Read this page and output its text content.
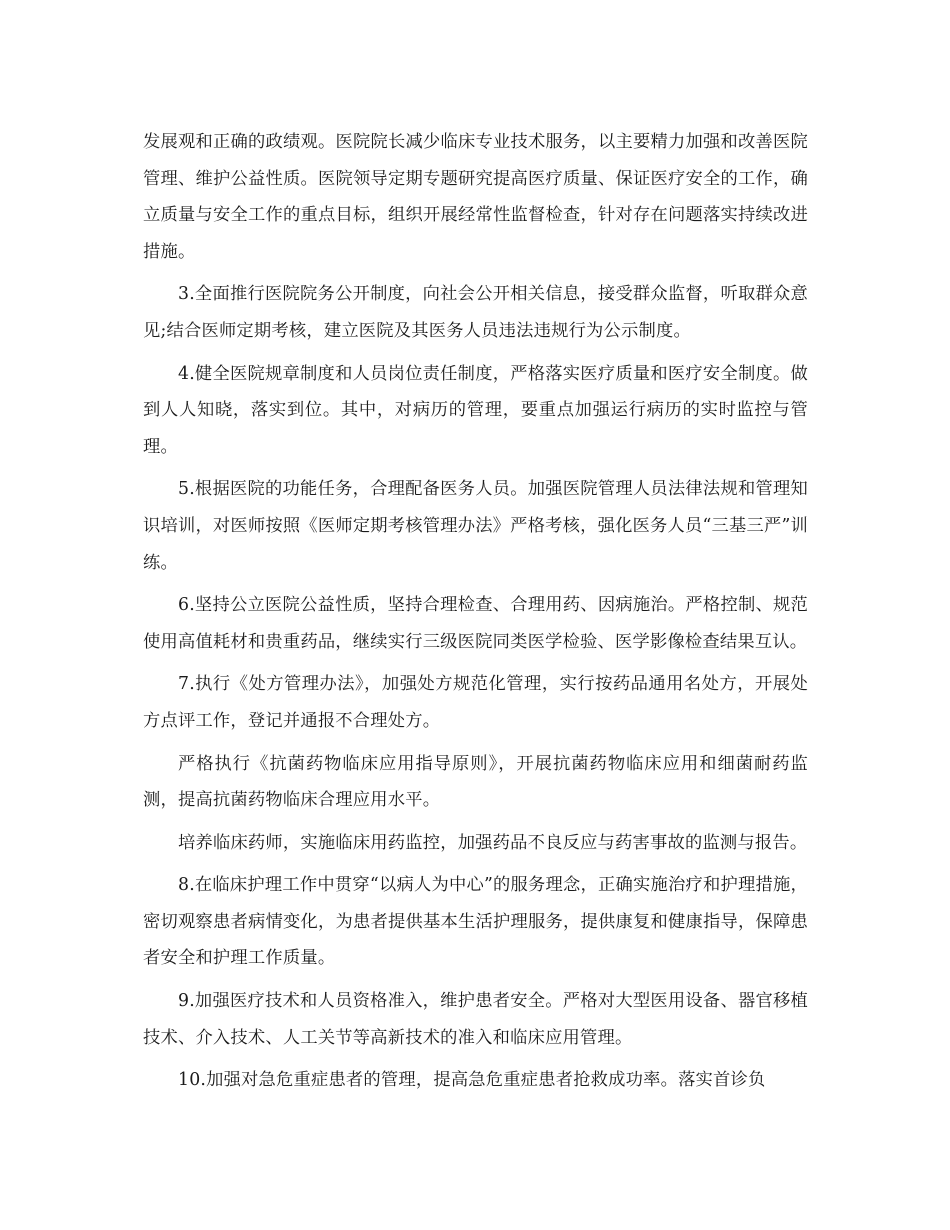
发展观和正确的政绩观。医院院长减少临床专业技术服务，以主要精力加强和改善医院管理、维护公益性质。医院领导定期专题研究提高医疗质量、保证医疗安全的工作，确立质量与安全工作的重点目标，组织开展经常性监督检查，针对存在问题落实持续改进措施。

3.全面推行医院院务公开制度，向社会公开相关信息，接受群众监督，听取群众意见;结合医师定期考核，建立医院及其医务人员违法违规行为公示制度。

4.健全医院规章制度和人员岗位责任制度，严格落实医疗质量和医疗安全制度。做到人人知晓，落实到位。其中，对病历的管理，要重点加强运行病历的实时监控与管理。

5.根据医院的功能任务，合理配备医务人员。加强医院管理人员法律法规和管理知识培训，对医师按照《医师定期考核管理办法》严格考核，强化医务人员“三基三严”训练。

6.坚持公立医院公益性质，坚持合理检查、合理用药、因病施治。严格控制、规范使用高值耗材和贵重药品，继续实行三级医院同类医学检验、医学影像检查结果互认。

7.执行《处方管理办法》，加强处方规范化管理，实行按药品通用名处方，开展处方点评工作，登记并通报不合理处方。

严格执行《抗菌药物临床应用指导原则》，开展抗菌药物临床应用和细菌耐药监测，提高抗菌药物临床合理应用水平。

培养临床药师，实施临床用药监控，加强药品不良反应与药害事故的监测与报告。

8.在临床护理工作中贯穿“以病人为中心”的服务理念，正确实施治疗和护理措施，密切观察患者病情变化，为患者提供基本生活护理服务，提供康复和健康指导，保障患者安全和护理工作质量。

9.加强医疗技术和人员资格准入，维护患者安全。严格对大型医用设备、器官移植技术、介入技术、人工关节等高新技术的准入和临床应用管理。

10.加强对急危重症患者的管理，提高急危重症患者抢救成功率。落实首诊负
